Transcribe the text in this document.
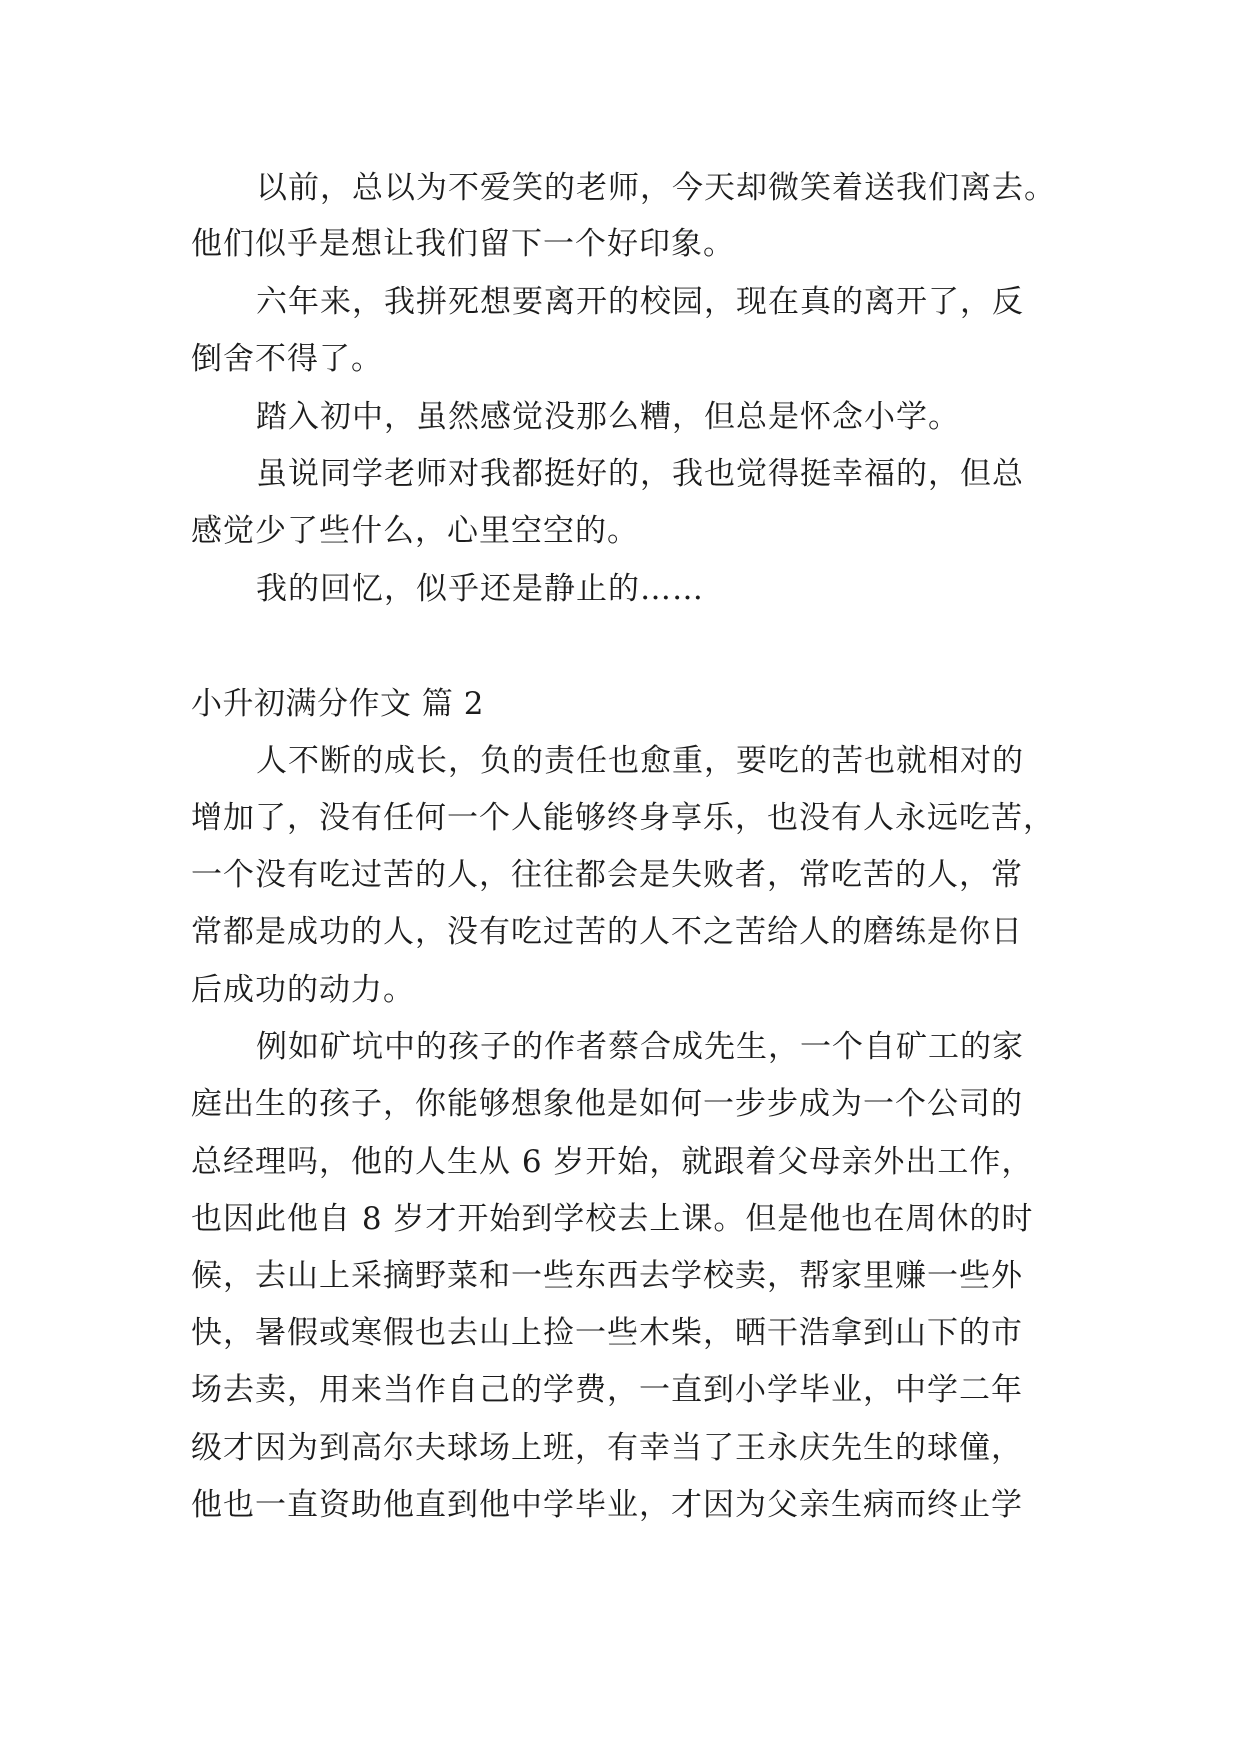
以前，总以为不爱笑的老师，今天却微笑着送我们离去。
他们似乎是想让我们留下一个好印象。
六年来，我拼死想要离开的校园，现在真的离开了，反
倒舍不得了。
踏入初中，虽然感觉没那么糟，但总是怀念小学。
虽说同学老师对我都挺好的，我也觉得挺幸福的，但总
感觉少了些什么，心里空空的。
我的回忆，似乎还是静止的……
小升初满分作文 篇 2
人不断的成长，负的责任也愈重，要吃的苦也就相对的
增加了，没有任何一个人能够终身享乐，也没有人永远吃苦，
一个没有吃过苦的人，往往都会是失败者，常吃苦的人，常
常都是成功的人，没有吃过苦的人不之苦给人的磨练是你日
后成功的动力。
例如矿坑中的孩子的作者蔡合成先生，一个自矿工的家
庭出生的孩子，你能够想象他是如何一步步成为一个公司的
总经理吗，他的人生从 6 岁开始，就跟着父母亲外出工作，
也因此他自 8 岁才开始到学校去上课。但是他也在周休的时
候，去山上采摘野菜和一些东西去学校卖，帮家里赚一些外
快，暑假或寒假也去山上捡一些木柴，晒干浩拿到山下的市
场去卖，用来当作自己的学费，一直到小学毕业，中学二年
级才因为到高尔夫球场上班，有幸当了王永庆先生的球僮，
他也一直资助他直到他中学毕业，才因为父亲生病而终止学
